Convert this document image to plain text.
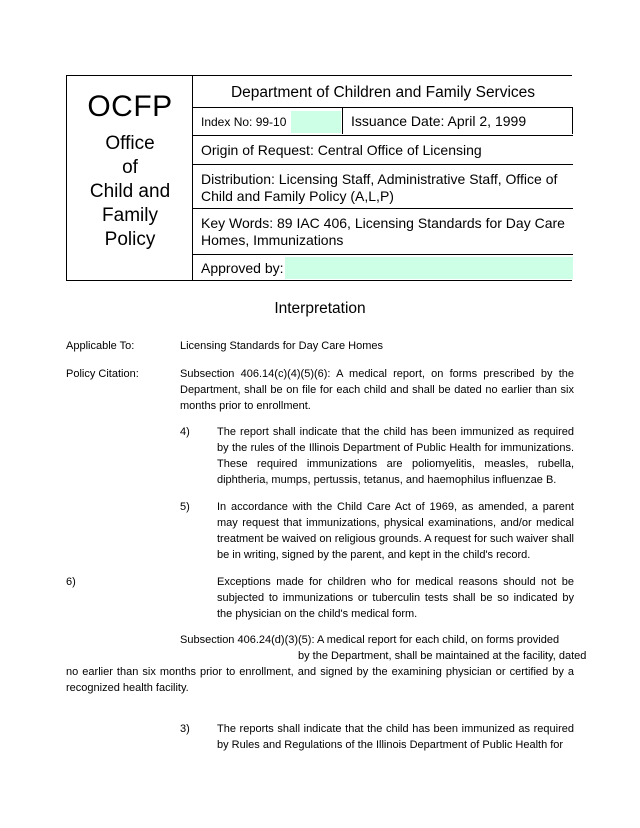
OCFP
Office
of
Child and
Family
Policy
Department of Children and Family Services
Index No: 99-10	Issuance Date: April 2, 1999
Origin of Request: Central Office of Licensing
Distribution: Licensing Staff, Administrative Staff, Office of Child and Family Policy (A,L,P)
Key Words: 89 IAC 406, Licensing Standards for Day Care Homes, Immunizations
Approved by:
Interpretation
Applicable To:	Licensing Standards for Day Care Homes
Policy Citation:	Subsection 406.14(c)(4)(5)(6): A medical report, on forms prescribed by the Department, shall be on file for each child and shall be dated no earlier than six months prior to enrollment.
4) The report shall indicate that the child has been immunized as required by the rules of the Illinois Department of Public Health for immunizations. These required immunizations are poliomyelitis, measles, rubella, diphtheria, mumps, pertussis, tetanus, and haemophilus influenzae B.
5) In accordance with the Child Care Act of 1969, as amended, a parent may request that immunizations, physical examinations, and/or medical treatment be waived on religious grounds. A request for such waiver shall be in writing, signed by the parent, and kept in the child's record.
6)	Exceptions made for children who for medical reasons should not be subjected to immunizations or tuberculin tests shall be so indicated by the physician on the child's medical form.
Subsection 406.24(d)(3)(5): A medical report for each child, on forms provided
by the Department, shall be maintained at the facility, dated
no earlier than six months prior to enrollment, and signed by the examining physician or certified by a recognized health facility.
3) The reports shall indicate that the child has been immunized as required by Rules and Regulations of the Illinois Department of Public Health for
